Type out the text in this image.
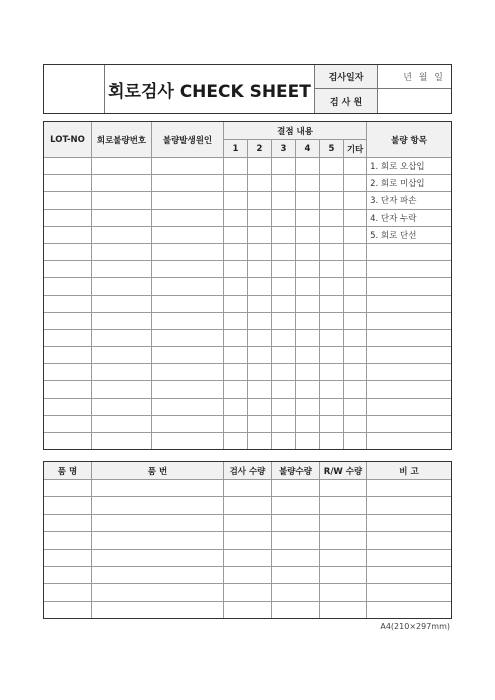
	회로검사 CHECK SHEET	검사일자	년 월 일
		검 사 원	
LOT-NO	회로불량번호	불량발생원인	결점 내용						불량 항목
			1	2	3	4	5	기타	
									1. 회로 오삽입
									2. 회로 미삽입
									3. 단자 파손
									4. 단자 누락
									5. 회로 단선

품 명	품 번	검사 수량	불량수량	R/W 수량	비 고

A4(210×297mm)
